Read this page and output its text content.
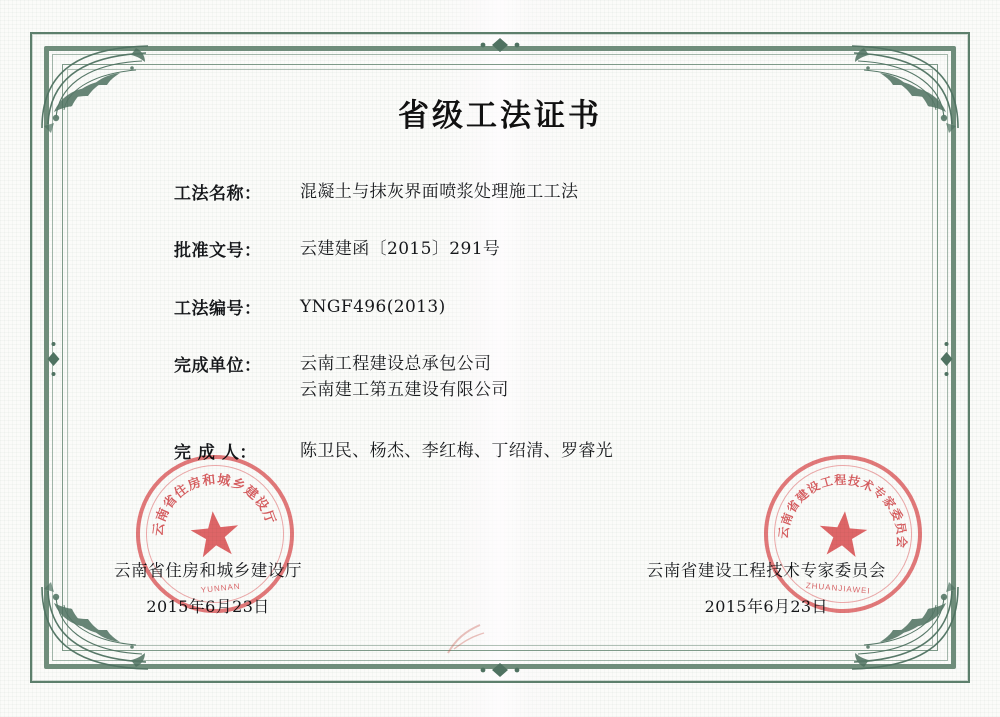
省级工法证书
工法名称：	混凝土与抹灰界面喷浆处理施工工法
批准文号：	云建建函〔2015〕291号
工法编号：	YNGF496(2013)
完成单位：	云南工程建设总承包公司
云南建工第五建设有限公司
完 成 人：	陈卫民、杨杰、李红梅、丁绍清、罗睿光
云南省住房和城乡建设厅
2015年6月23日
云南省建设工程技术专家委员会
2015年6月23日
云南省住房和城乡建设厅
YUNNAN
云南省建设工程技术专家委员会
ZHUANJIAWEI
